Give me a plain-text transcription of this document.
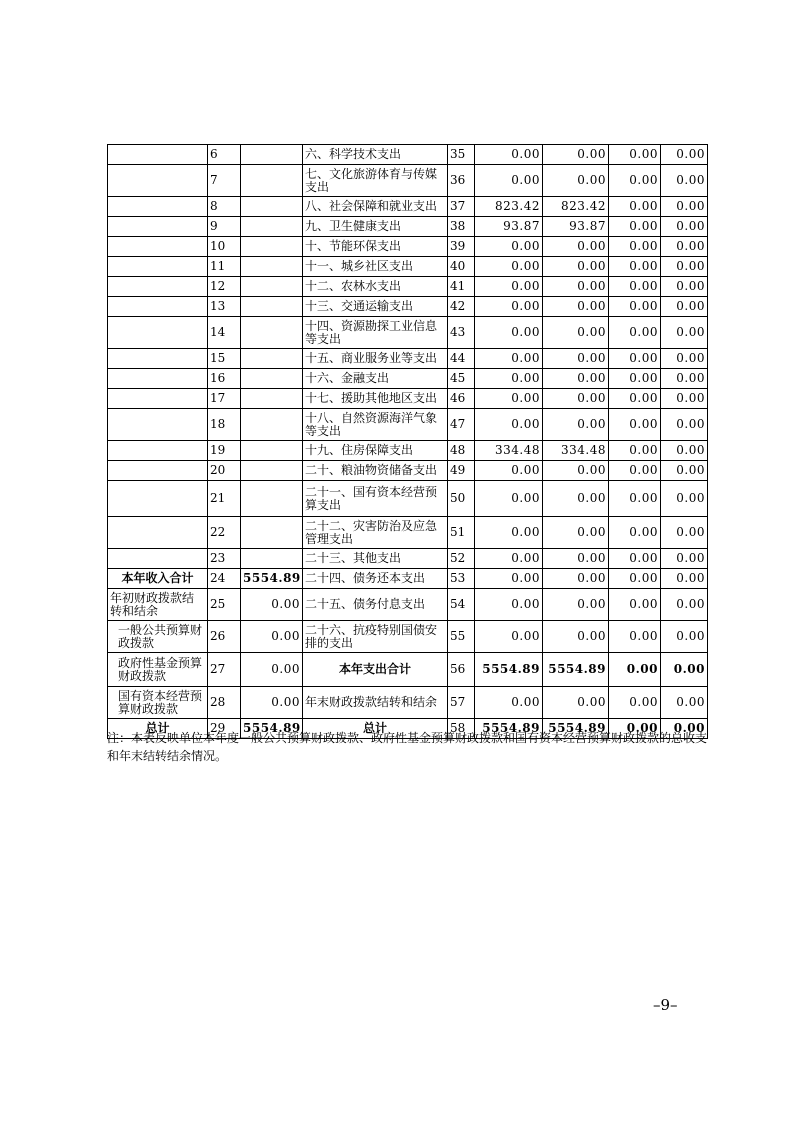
	6		六、科学技术支出	35	0.00	0.00	0.00	0.00
	7		七、文化旅游体育与传媒支出	36	0.00	0.00	0.00	0.00
	8		八、社会保障和就业支出	37	823.42	823.42	0.00	0.00
	9		九、卫生健康支出	38	93.87	93.87	0.00	0.00
	10		十、节能环保支出	39	0.00	0.00	0.00	0.00
	11		十一、城乡社区支出	40	0.00	0.00	0.00	0.00
	12		十二、农林水支出	41	0.00	0.00	0.00	0.00
	13		十三、交通运输支出	42	0.00	0.00	0.00	0.00
	14		十四、资源勘探工业信息等支出	43	0.00	0.00	0.00	0.00
	15		十五、商业服务业等支出	44	0.00	0.00	0.00	0.00
	16		十六、金融支出	45	0.00	0.00	0.00	0.00
	17		十七、援助其他地区支出	46	0.00	0.00	0.00	0.00
	18		十八、自然资源海洋气象等支出	47	0.00	0.00	0.00	0.00
	19		十九、住房保障支出	48	334.48	334.48	0.00	0.00
	20		二十、粮油物资储备支出	49	0.00	0.00	0.00	0.00
	21		二十一、国有资本经营预算支出	50	0.00	0.00	0.00	0.00
	22		二十二、灾害防治及应急管理支出	51	0.00	0.00	0.00	0.00
	23		二十三、其他支出	52	0.00	0.00	0.00	0.00
本年收入合计	24	5554.89	二十四、债务还本支出	53	0.00	0.00	0.00	0.00
年初财政拨款结转和结余	25	0.00	二十五、债务付息支出	54	0.00	0.00	0.00	0.00
一般公共预算财政拨款	26	0.00	二十六、抗疫特别国债安排的支出	55	0.00	0.00	0.00	0.00
政府性基金预算财政拨款	27	0.00	本年支出合计	56	5554.89	5554.89	0.00	0.00
国有资本经营预算财政拨款	28	0.00	年末财政拨款结转和结余	57	0.00	0.00	0.00	0.00
总计	29	5554.89	总计	58	5554.89	5554.89	0.00	0.00
注：本表反映单位本年度一般公共预算财政拨款、政府性基金预算财政拨款和国有资本经营预算财政拨款的总收支和年末结转结余情况。
–9–
